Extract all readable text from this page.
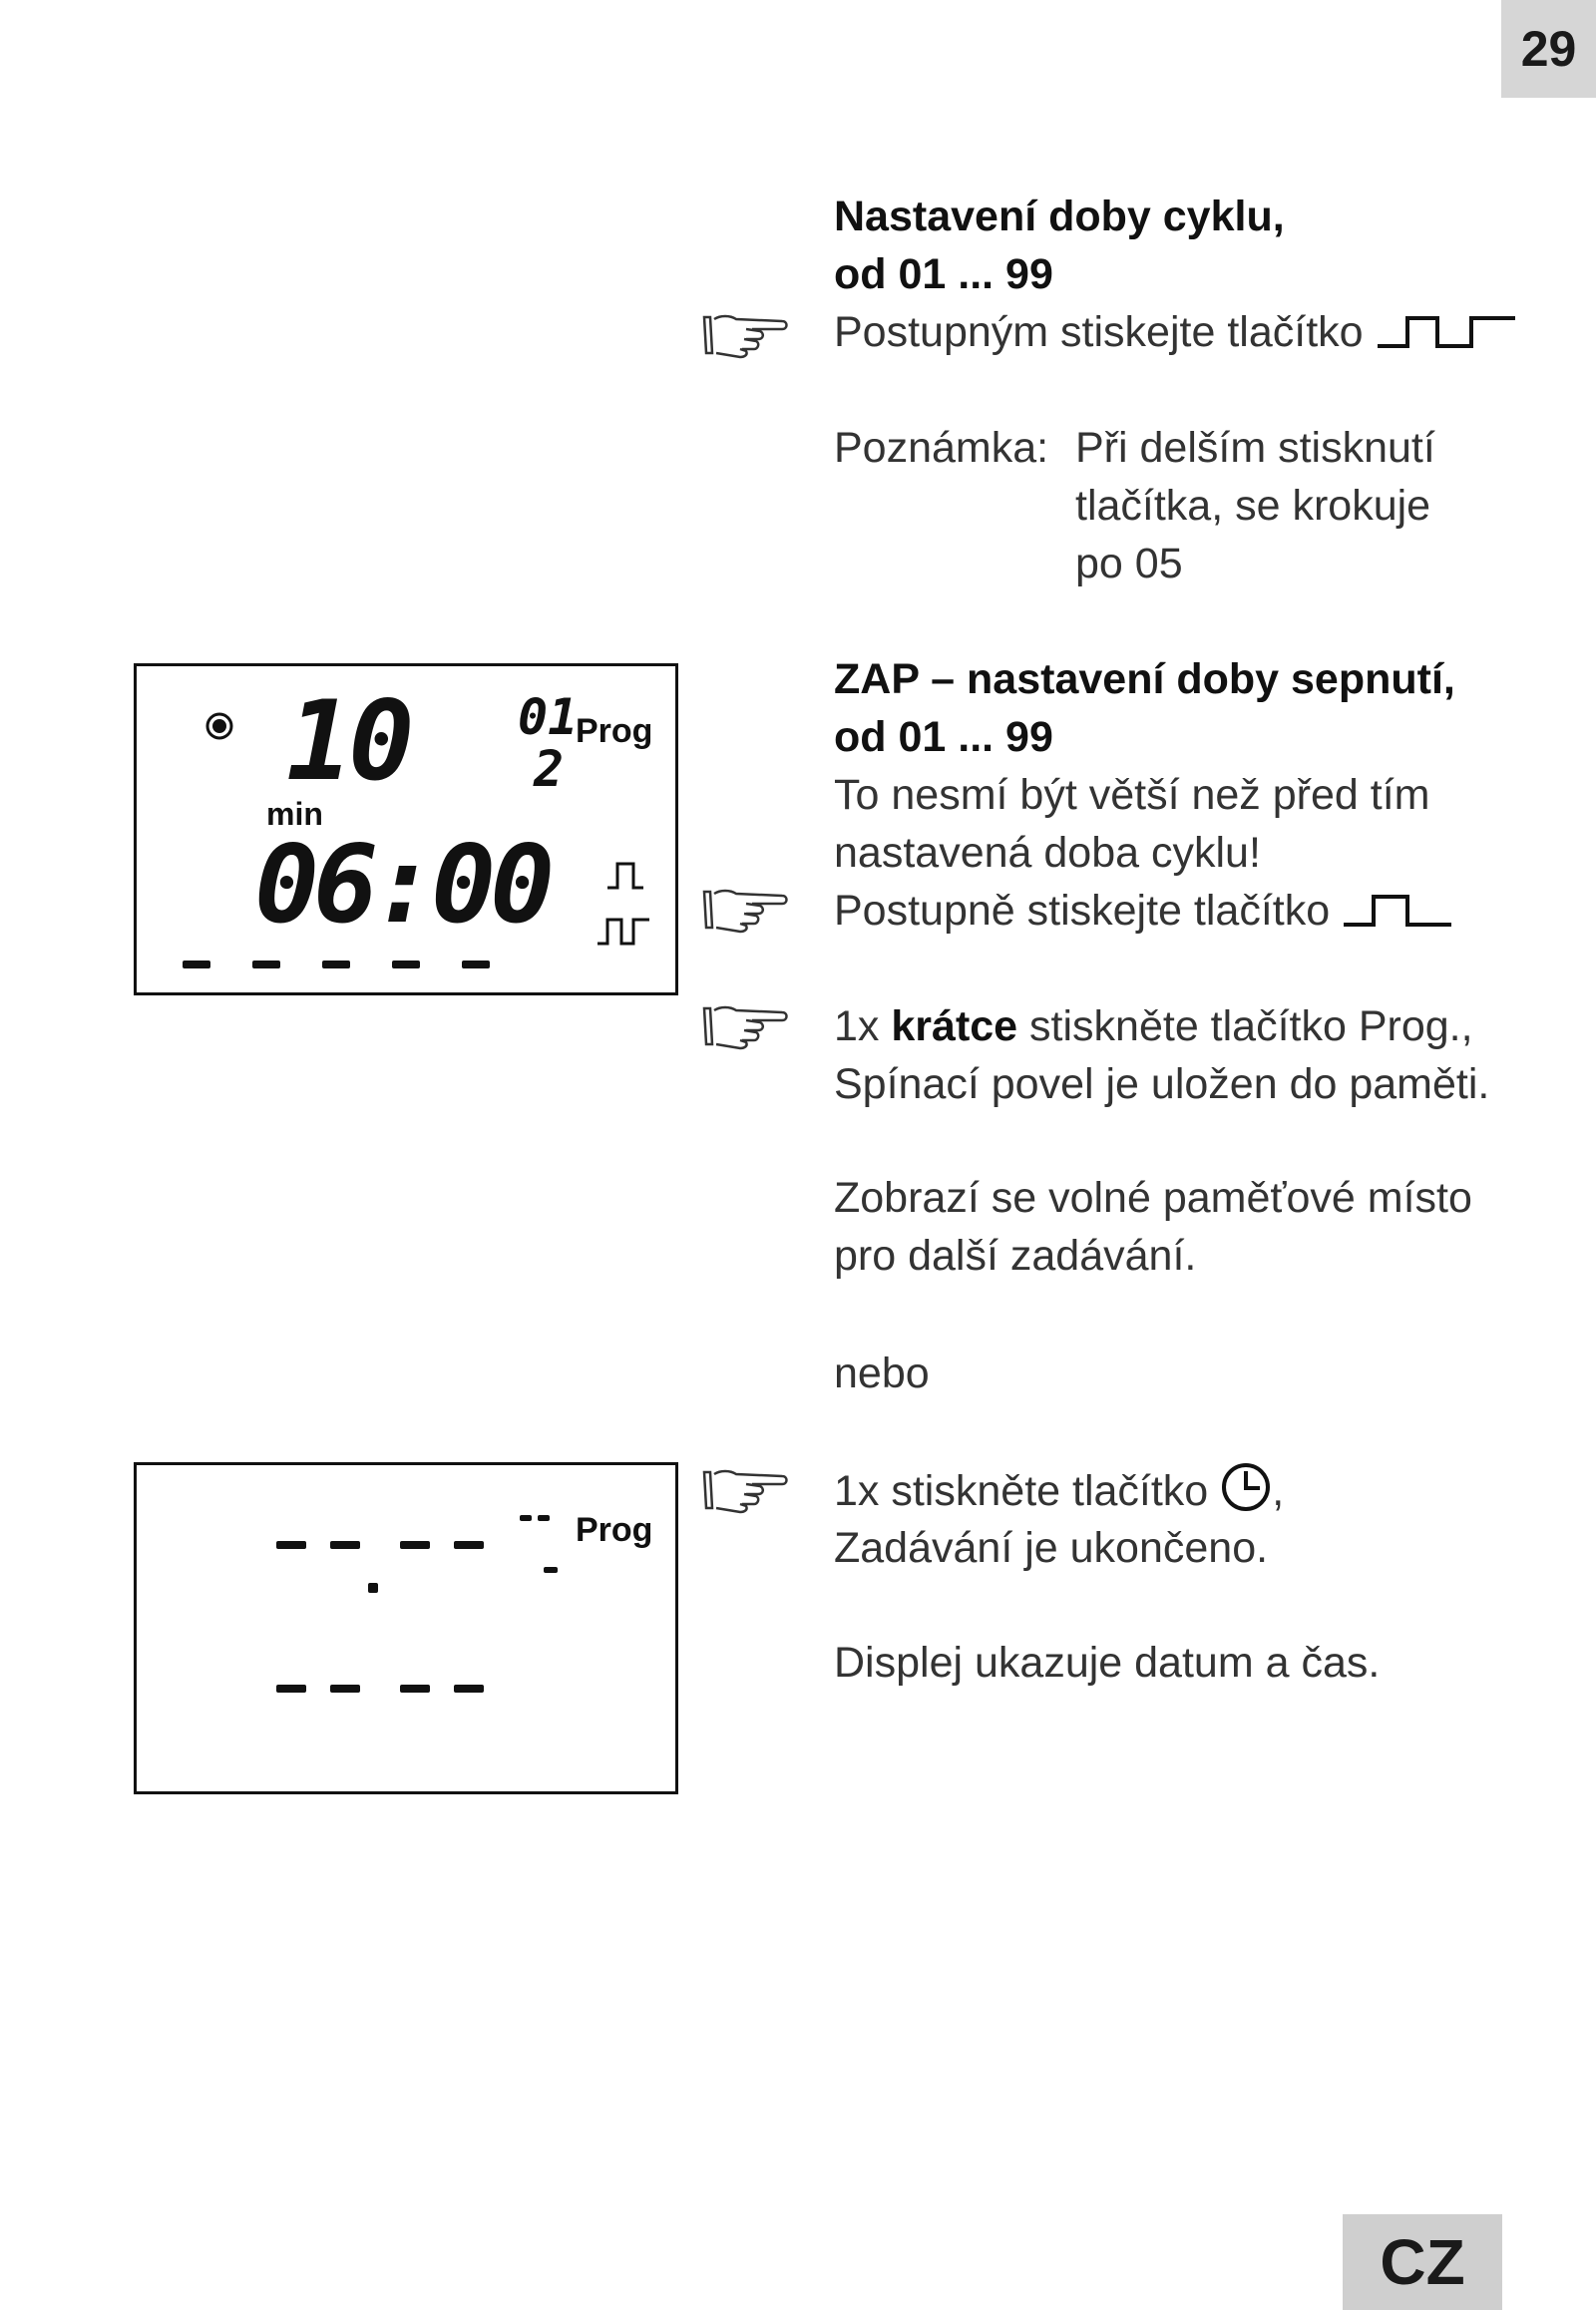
29
CZ
Nastavení doby cyklu,
od 01 ... 99
Postupným stiskejte tlačítko
Poznámka: Při delším stisknutí
tlačítka, se krokuje
po 05
ZAP – nastavení doby sepnutí,
od 01 ... 99
To nesmí být větší než před tím
nastavená doba cyklu!
Postupně stiskejte tlačítko
1x krátce stiskněte tlačítko Prog.,
Spínací povel je uložen do paměti.
Zobrazí se volné paměťové místo
pro další zadávání.
nebo
1x stiskněte tlačítko ,
Zadávání je ukončeno.
Displej ukazuje datum a čas.
10
min
01
2
Prog
06:00
Prog
